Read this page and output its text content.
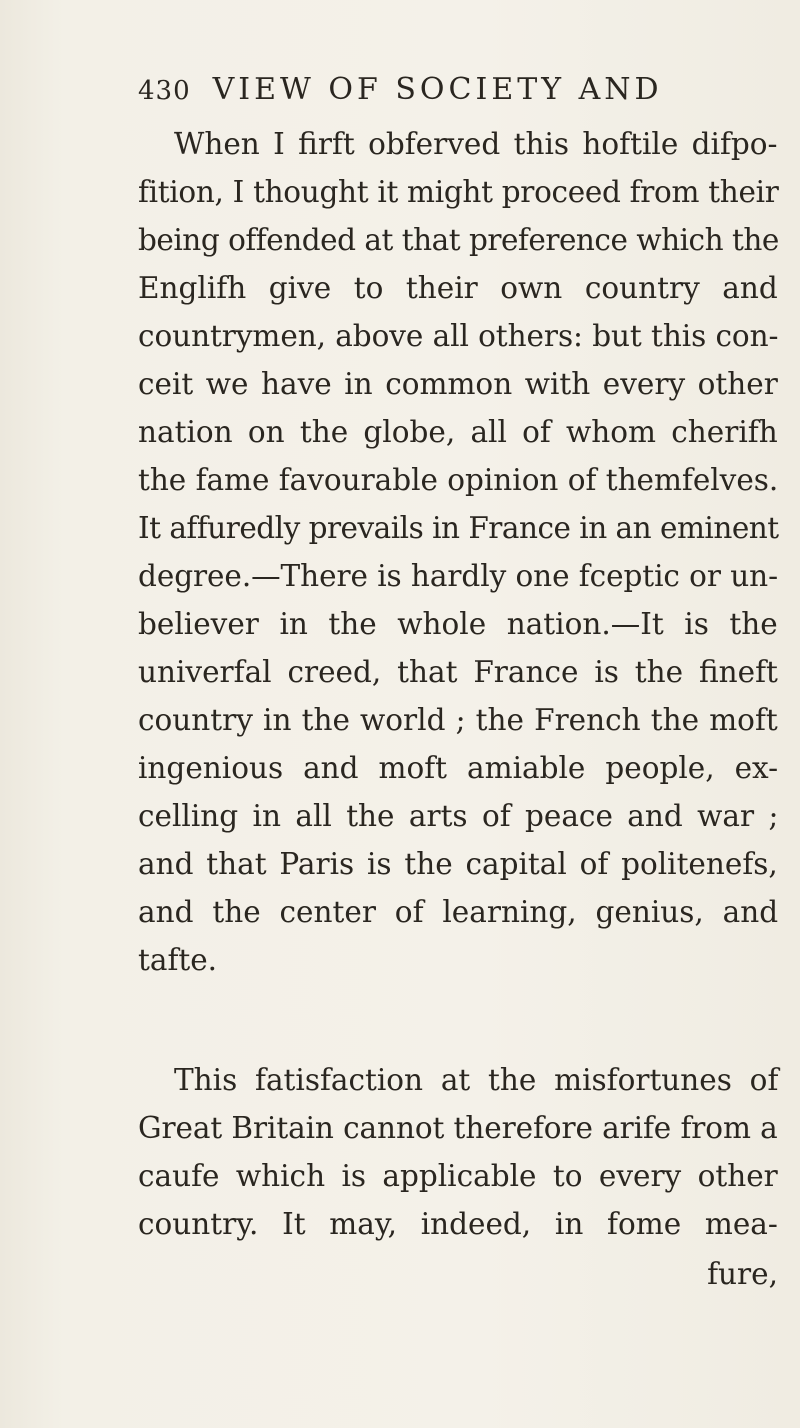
430 VIEW OF SOCIETY AND
When I firft obferved this hoftile difpo-
fition, I thought it might proceed from their
being offended at that preference which the
Englifh give to their own country and
countrymen, above all others: but this con-
ceit we have in common with every other
nation on the globe, all of whom cherifh
the fame favourable opinion of themfelves.
It affuredly prevails in France in an eminent
degree.—There is hardly one fceptic or un-
believer in the whole nation.—It is the
univerfal creed, that France is the fineft
country in the world ; the French the moft
ingenious and moft amiable people, ex-
celling in all the arts of peace and war ;
and that Paris is the capital of politenefs,
and the center of learning, genius, and
tafte.
This fatisfaction at the misfortunes of
Great Britain cannot therefore arife from a
caufe which is applicable to every other
country. It may, indeed, in fome mea-
fure,
